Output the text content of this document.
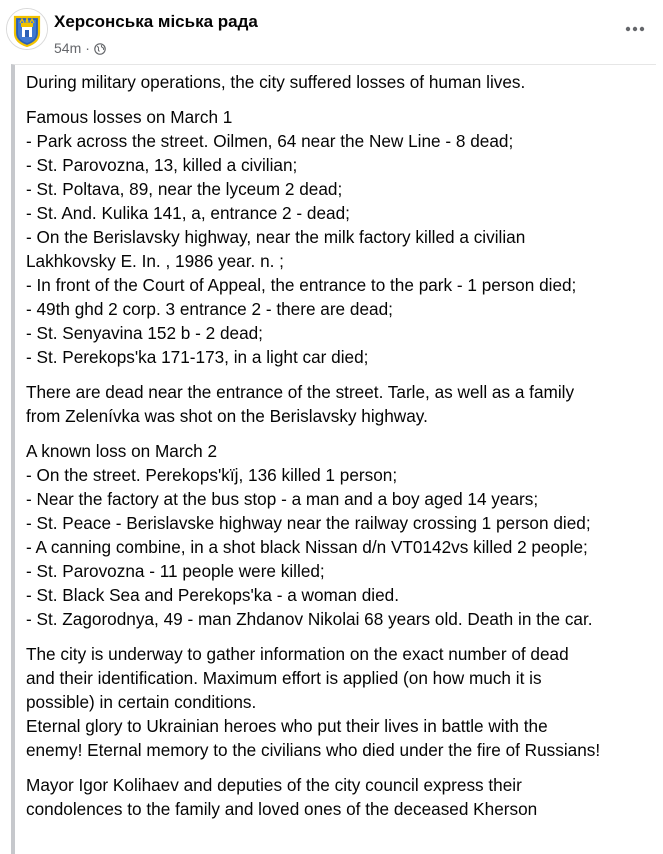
Херсонська міська рада
54m ·
During military operations, the city suffered losses of human lives.
Famous losses on March 1
- Park across the street. Oilmen, 64 near the New Line - 8 dead;
- St. Parovozna, 13, killed a civilian;
- St. Poltava, 89, near the lyceum 2 dead;
- St. And. Kulika 141, a, entrance 2 - dead;
- On the Berislavsky highway, near the milk factory killed a civilian
Lakhkovsky E. In. , 1986 year. n. ;
- In front of the Court of Appeal, the entrance to the park - 1 person died;
- 49th ghd 2 corp. 3 entrance 2 - there are dead;
- St. Senyavina 152 b - 2 dead;
- St. Perekops'ka 171-173, in a light car died;
There are dead near the entrance of the street. Tarle, as well as a family
from Zelenívka was shot on the Berislavsky highway.
A known loss on March 2
- On the street. Perekops'kïj, 136 killed 1 person;
- Near the factory at the bus stop - a man and a boy aged 14 years;
- St. Peace - Berislavske highway near the railway crossing 1 person died;
- A canning combine, in a shot black Nissan d/n VT0142vs killed 2 people;
- St. Parovozna - 11 people were killed;
- St. Black Sea and Perekops'ka - a woman died.
- St. Zagorodnya, 49 - man Zhdanov Nikolai 68 years old. Death in the car.
The city is underway to gather information on the exact number of dead
and their identification. Maximum effort is applied (on how much it is
possible) in certain conditions.
Eternal glory to Ukrainian heroes who put their lives in battle with the
enemy! Eternal memory to the civilians who died under the fire of Russians!
Mayor Igor Kolihaev and deputies of the city council express their
condolences to the family and loved ones of the deceased Kherson
